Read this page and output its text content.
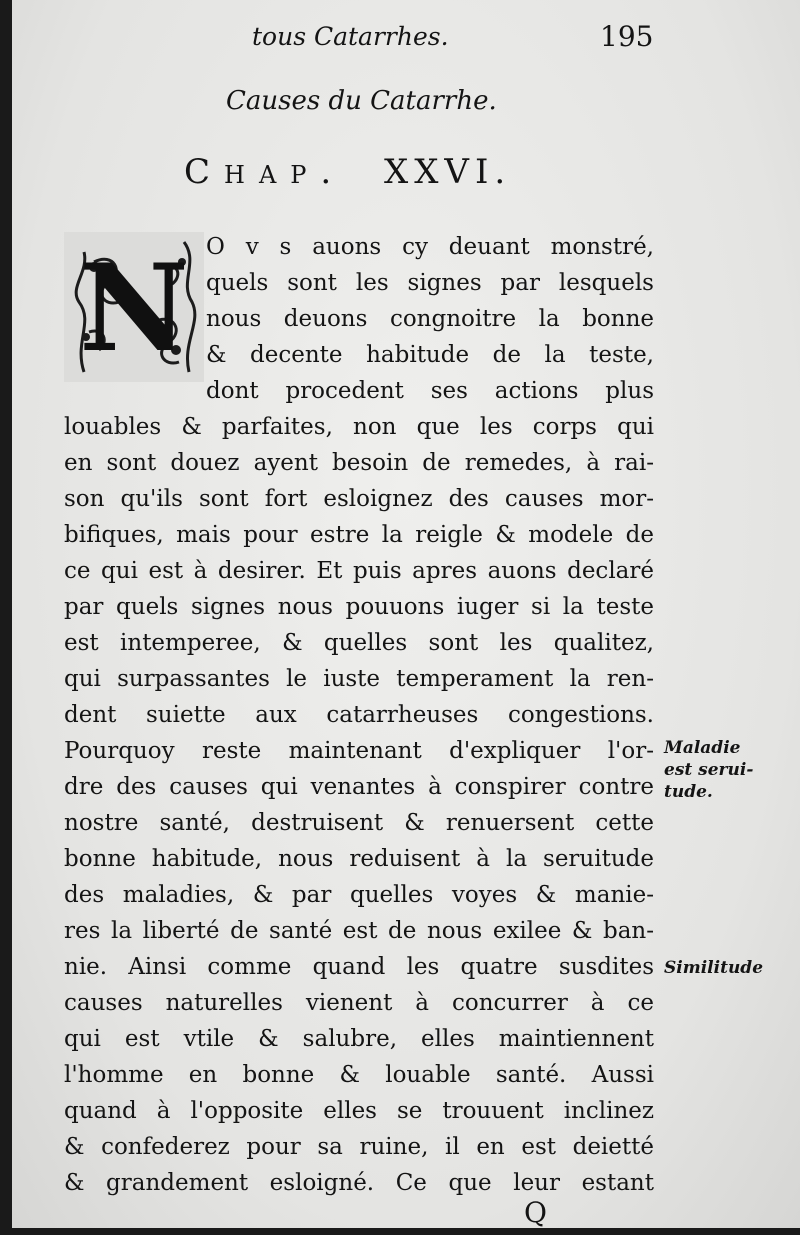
tous Catarrhes.	195
Causes du Catarrhe.
Chap. XXVI.
N O v s auons cy deuant monstré,
quels sont les signes par lesquels
nous deuons congnoitre la bonne
& decente habitude de la teste,
dont procedent ses actions plus
louables & parfaites, non que les corps qui
en sont douez ayent besoin de remedes, à rai-
son qu'ils sont fort esloignez des causes mor-
bifiques, mais pour estre la reigle & modele de
ce qui est à desirer. Et puis apres auons declaré
par quels signes nous pouuons iuger si la teste
est intemperee, & quelles sont les qualitez,
qui surpassantes le iuste temperament la ren-
dent suiette aux catarrheuses congestions.
Pourquoy reste maintenant d'expliquer l'or-
dre des causes qui venantes à conspirer contre
nostre santé, destruisent & renuersent cette
bonne habitude, nous reduisent à la seruitude
des maladies, & par quelles voyes & manie-
res la liberté de santé est de nous exilee & ban-
nie. Ainsi comme quand les quatre susdites
causes naturelles vienent à concurrer à ce
qui est vtile & salubre, elles maintiennent
l'homme en bonne & louable santé. Aussi
quand à l'opposite elles se trouuent inclinez
& confederez pour sa ruine, il en est deietté
& grandement esloigné. Ce que leur estant
Maladie
est serui-
tude.
Similitude
Q
